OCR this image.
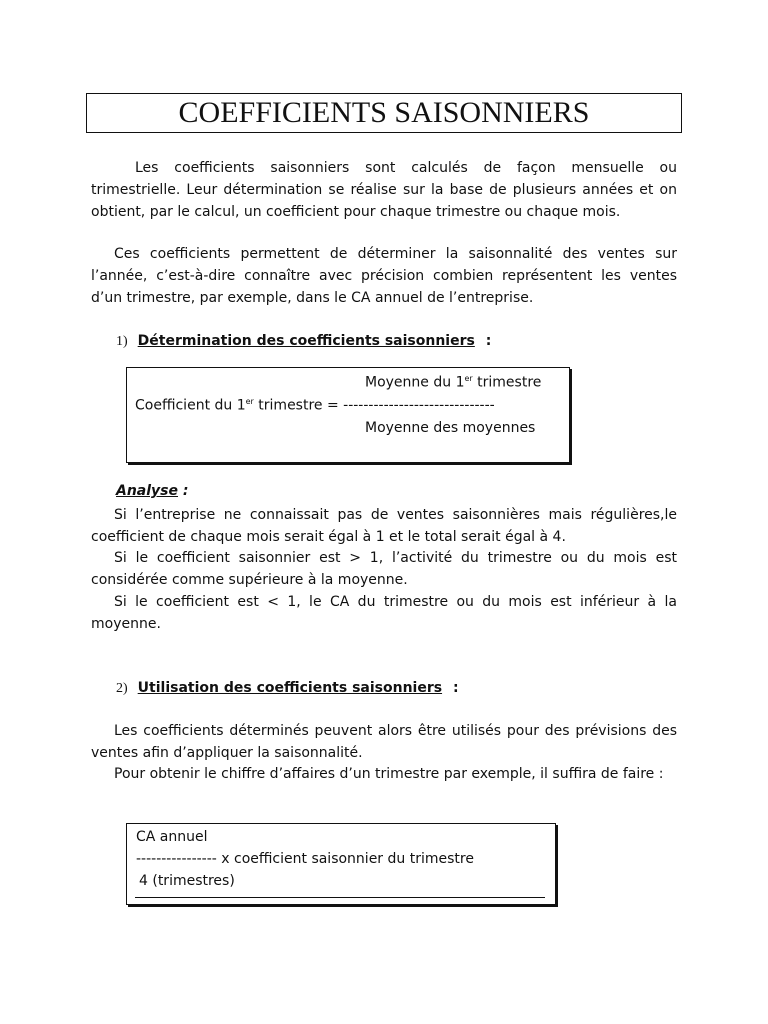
COEFFICIENTS SAISONNIERS

Les coefficients saisonniers sont calculés de façon mensuelle ou trimestrielle. Leur détermination se réalise sur la base de plusieurs années et on obtient, par le calcul, un coefficient pour chaque trimestre ou chaque mois.

Ces coefficients permettent de déterminer la saisonnalité des ventes sur l’année, c’est-à-dire connaître avec précision combien représentent les ventes d’un trimestre, par exemple, dans le CA annuel de l’entreprise.

1) Détermination des coefficients saisonniers :
Moyenne du 1er trimestre
Coefficient du 1er trimestre = ------------------------------
Moyenne des moyennes
Analyse :

Si l’entreprise ne connaissait pas de ventes saisonnières mais régulières,le coefficient de chaque mois serait égal à 1 et le total serait égal à 4.

Si le coefficient saisonnier est > 1, l’activité du trimestre ou du mois est considérée comme supérieure à la moyenne.

Si le coefficient est < 1, le CA du trimestre ou du mois est inférieur à la moyenne.

2) Utilisation des coefficients saisonniers :

Les coefficients déterminés peuvent alors être utilisés pour des prévisions des ventes afin d’appliquer la saisonnalité.

Pour obtenir le chiffre d’affaires d’un trimestre par exemple, il suffira de faire :

CA annuel
---------------- x coefficient saisonnier du trimestre
4 (trimestres)
